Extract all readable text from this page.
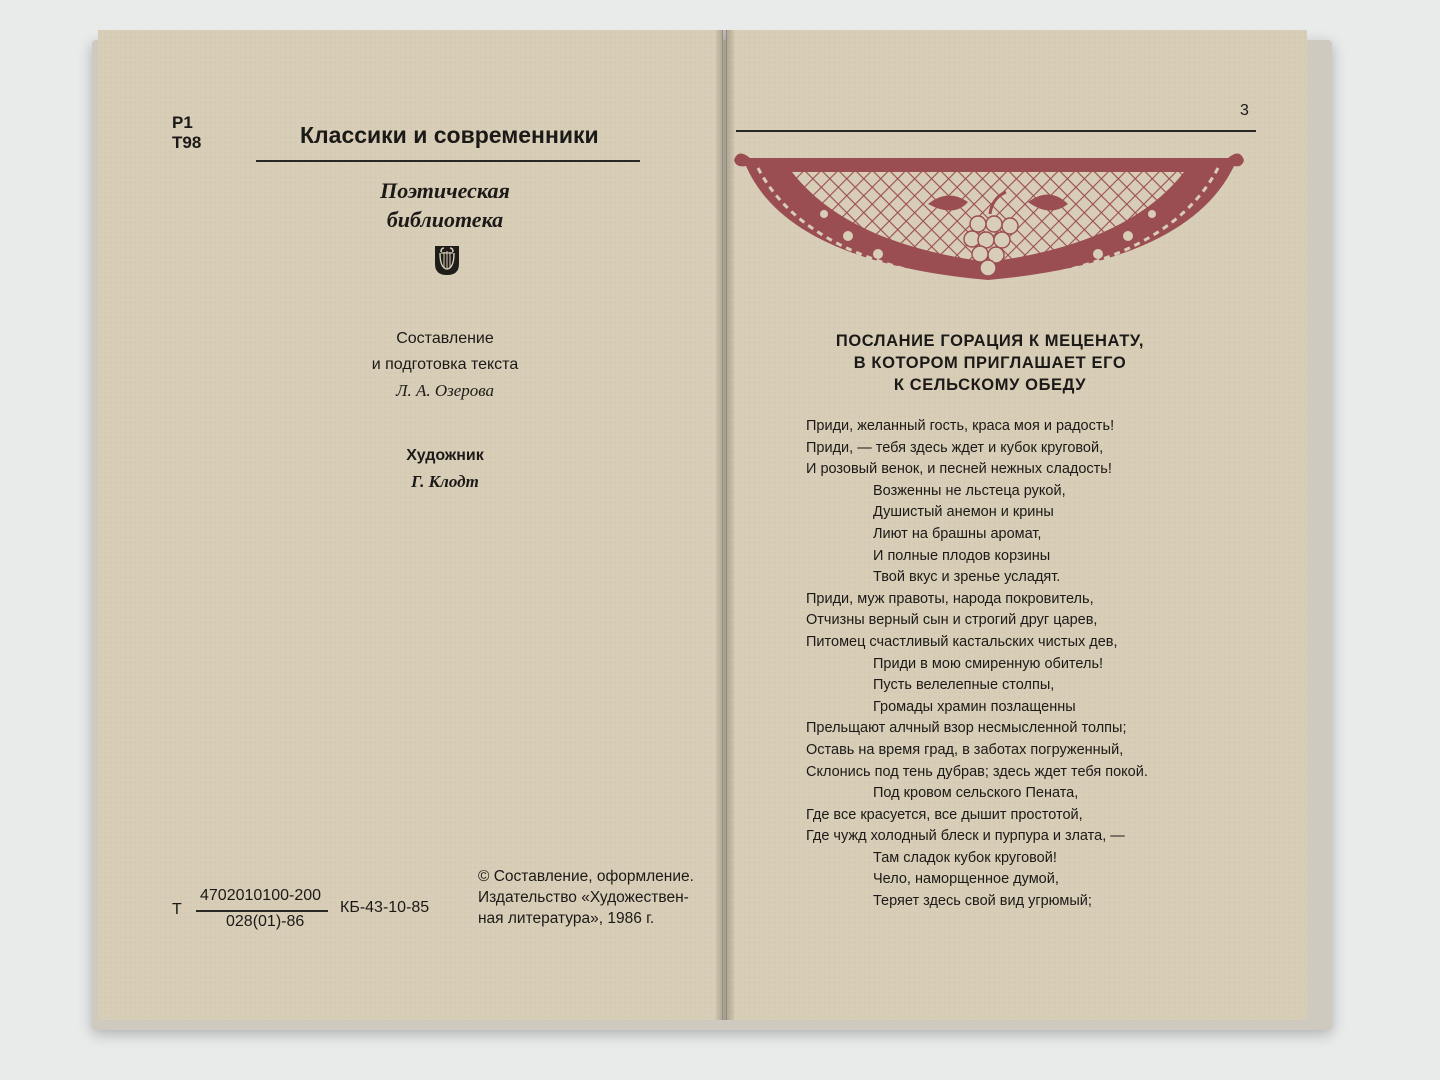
Р1
Т98	Классики и современники
Поэтическая
библиотека
Составление
и подготовка текста
Л. А. Озерова
Художник
Г. Клодт
Т
4702010100-200
028(01)-86
КБ-43-10-85
© Составление, оформление.
Издательство «Художествен-
ная литература», 1986 г.
3
ПОСЛАНИЕ ГОРАЦИЯ К МЕЦЕНАТУ,
В КОТОРОМ ПРИГЛАШАЕТ ЕГО
К СЕЛЬСКОМУ ОБЕДУ
Приди, желанный гость, краса моя и радость!
Приди, — тебя здесь ждет и кубок круговой,
И розовый венок, и песней нежных сладость!
Возженны не льстеца рукой,
Душистый анемон и крины
Лиют на брашны аромат,
И полные плодов корзины
Твой вкус и зренье усладят.
Приди, муж правоты, народа покровитель,
Отчизны верный сын и строгий друг царев,
Питомец счастливый кастальских чистых дев,
Приди в мою смиренную обитель!
Пусть велелепные столпы,
Громады храмин позлащенны
Прельщают алчный взор несмысленной толпы;
Оставь на время град, в заботах погруженный,
Склонись под тень дубрав; здесь ждет тебя покой.
Под кровом сельского Пената,
Где все красуется, все дышит простотой,
Где чужд холодный блеск и пурпура и злата, —
Там сладок кубок круговой!
Чело, наморщенное думой,
Теряет здесь свой вид угрюмый;
